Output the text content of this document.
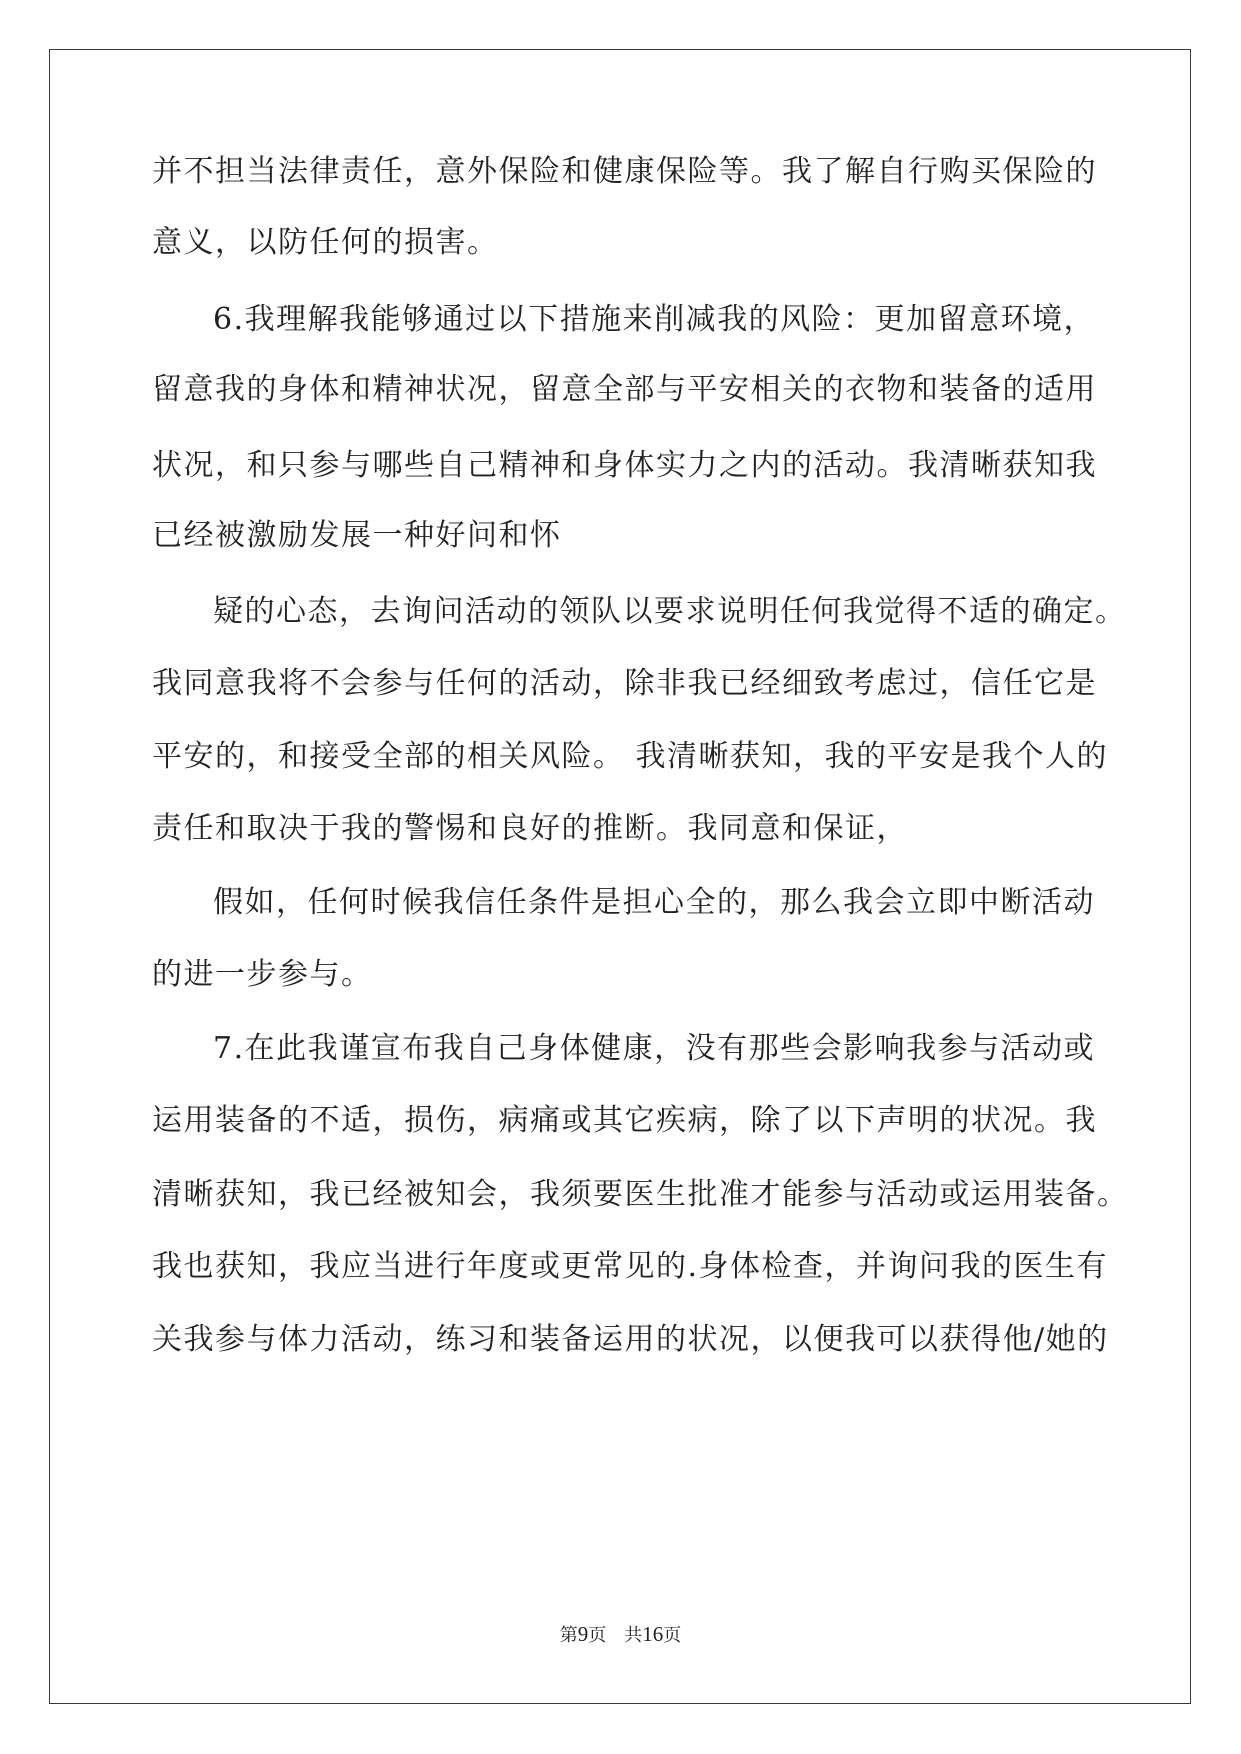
并不担当法律责任，意外保险和健康保险等。我了解自行购买保险的
意义，以防任何的损害。
6.我理解我能够通过以下措施来削减我的风险：更加留意环境，
留意我的身体和精神状况，留意全部与平安相关的衣物和装备的适用
状况，和只参与哪些自己精神和身体实力之内的活动。我清晰获知我
已经被激励发展一种好问和怀
疑的心态，去询问活动的领队以要求说明任何我觉得不适的确定。
我同意我将不会参与任何的活动，除非我已经细致考虑过，信任它是
平安的，和接受全部的相关风险。 我清晰获知，我的平安是我个人的
责任和取决于我的警惕和良好的推断。我同意和保证，
假如，任何时候我信任条件是担心全的，那么我会立即中断活动
的进一步参与。
7.在此我谨宣布我自己身体健康，没有那些会影响我参与活动或
运用装备的不适，损伤，病痛或其它疾病，除了以下声明的状况。我
清晰获知，我已经被知会，我须要医生批准才能参与活动或运用装备。
我也获知，我应当进行年度或更常见的.身体检查，并询问我的医生有
关我参与体力活动，练习和装备运用的状况，以便我可以获得他/她的
第9页 共16页
